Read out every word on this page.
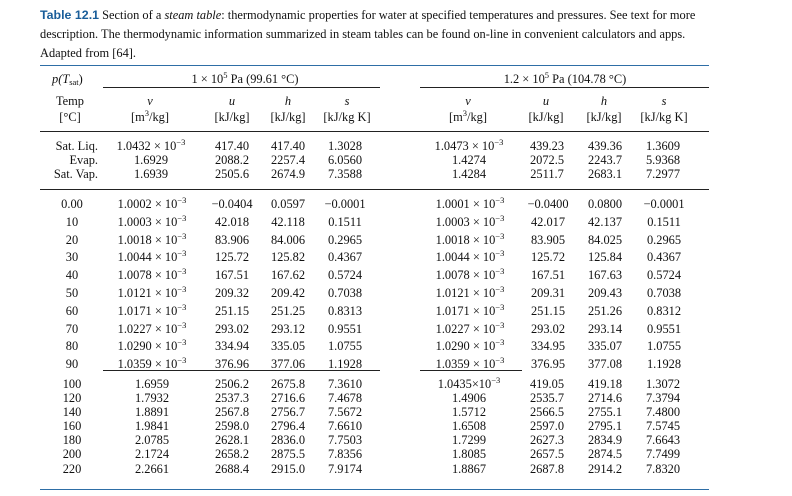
Table 12.1 Section of a steam table: thermodynamic properties for water at specified temperatures and pressures. See text for more description. The thermodynamic information summarized in steam tables can be found on-line in convenient calculators and apps. Adapted from [64].
$p(T_{sat})$	$1 \times 10^5$ Pa (99.61 °C)	$1.2 \times 10^5$ Pa (104.78 °C)
Temp
[°C]
v
$[m^3/kg]$
u
[kJ/kg]
h
[kJ/kg]
s
[kJ/kg K]
v
$[m^3/kg]$
u
[kJ/kg]
h
[kJ/kg]
s
[kJ/kg K]
Sat. Liq.
Evap.
Sat. Vap.
$1.0432 \times 10^{-3}$
1.6929
1.6939
417.40
2088.2
2505.6
417.40
2257.4
2674.9
1.3028
6.0560
7.3588
$1.0473 \times 10^{-3}$
1.4274
1.4284
439.23
2072.5
2511.7
439.36
2243.7
2683.1
1.3609
5.9368
7.2977
0.00
10
20
30
40
50
60
70
80
90
$1.0002 \times 10^{-3}$
$1.0003 \times 10^{-3}$
$1.0018 \times 10^{-3}$
$1.0044 \times 10^{-3}$
$1.0078 \times 10^{-3}$
$1.0121 \times 10^{-3}$
$1.0171 \times 10^{-3}$
$1.0227 \times 10^{-3}$
$1.0290 \times 10^{-3}$
$1.0359 \times 10^{-3}$
−0.0404
42.018
83.906
125.72
167.51
209.32
251.15
293.02
334.94
376.96
0.0597
42.118
84.006
125.82
167.62
209.42
251.25
293.12
335.05
377.06
−0.0001
0.1511
0.2965
0.4367
0.5724
0.7038
0.8313
0.9551
1.0755
1.1928
$1.0001 \times 10^{-3}$
$1.0003 \times 10^{-3}$
$1.0018 \times 10^{-3}$
$1.0044 \times 10^{-3}$
$1.0078 \times 10^{-3}$
$1.0121 \times 10^{-3}$
$1.0171 \times 10^{-3}$
$1.0227 \times 10^{-3}$
$1.0290 \times 10^{-3}$
$1.0359 \times 10^{-3}$
−0.0400
42.017
83.905
125.72
167.51
209.31
251.15
293.02
334.95
376.95
0.0800
42.137
84.025
125.84
167.63
209.43
251.26
293.14
335.07
377.08
−0.0001
0.1511
0.2965
0.4367
0.5724
0.7038
0.8312
0.9551
1.0755
1.1928
100
120
140
160
180
200
220
1.6959
1.7932
1.8891
1.9841
2.0785
2.1724
2.2661
2506.2
2537.3
2567.8
2598.0
2628.1
2658.2
2688.4
2675.8
2716.6
2756.7
2796.4
2836.0
2875.5
2915.0
7.3610
7.4678
7.5672
7.6610
7.7503
7.8356
7.9174
$1.0435\times 10^{-3}$
1.4906
1.5712
1.6508
1.7299
1.8085
1.8867
419.05
2535.7
2566.5
2597.0
2627.3
2657.5
2687.8
419.18
2714.6
2755.1
2795.1
2834.9
2874.5
2914.2
1.3072
7.3794
7.4800
7.5745
7.6643
7.7499
7.8320
